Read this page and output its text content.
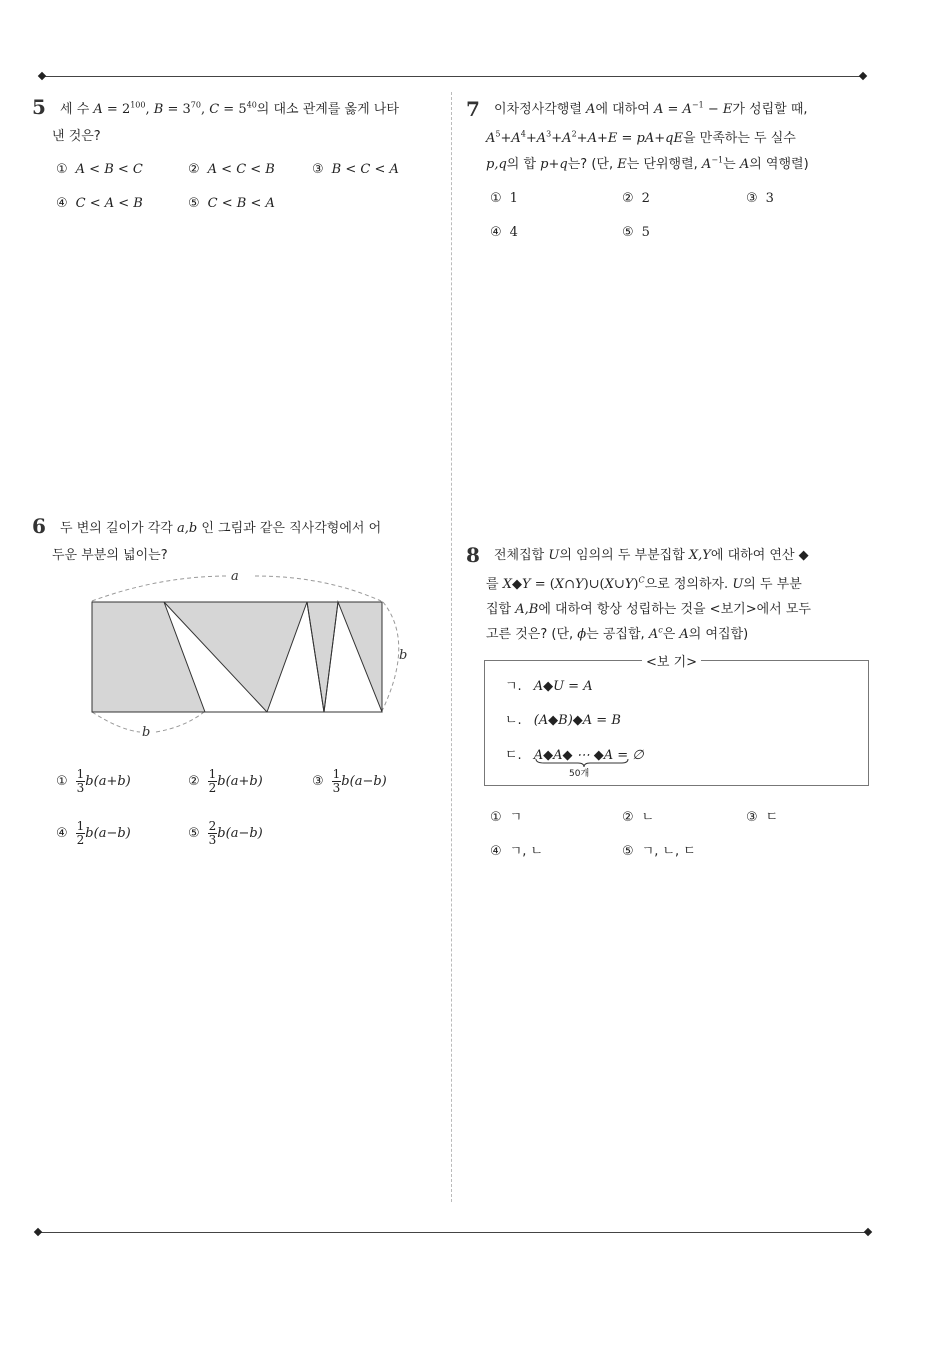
5 세 수 $A = 2^{100}$, $B = 3^{70}$, $C = 5^{40}$의 대소 관계를 옳게 나타
낸 것은?
① A < B < C	② A < C < B	③ B < C < A
④ C < A < B	⑤ C < B < A
6 두 변의 길이가 각각 a,b 인 그림과 같은 직사각형에서 어
두운 부분의 넓이는?
a
b
b
① $\frac{1}{3} b(a+b)$	② $\frac{1}{2} b(a+b)$	③ $\frac{1}{3} b(a-b)$
④ $\frac{1}{2} b(a-b)$	⑤ $\frac{2}{3} b(a-b)$
7 이차정사각행렬 A에 대하여 $A = A^{-1} - E$가 성립할 때,
$A^5+A^4+A^3+A^2+A+E = pA+qE$을 만족하는 두 실수
p,q의 합 p+q는? (단, E는 단위행렬, $A^{-1}$는 A의 역행렬)
① 1	② 2	③ 3
④ 4	⑤ 5
8 전체집합 U의 임의의 두 부분집합 X,Y에 대하여 연산 ◆
를 X◆Y = (X∩Y)∪(X∪Y)$^C$으로 정의하자. U의 두 부분
집합 A,B에 대하여 항상 성립하는 것을 <보기>에서 모두
고른 것은? (단, ϕ는 공집합, $A^c$은 A의 여집합)
<보 기>
ㄱ. A◆U = A
ㄴ. (A◆B)◆A = B
ㄷ. A◆A◆ ⋯ ◆A = ∅
50개
① ㄱ	② ㄴ	③ ㄷ
④ ㄱ, ㄴ	⑤ ㄱ, ㄴ, ㄷ
